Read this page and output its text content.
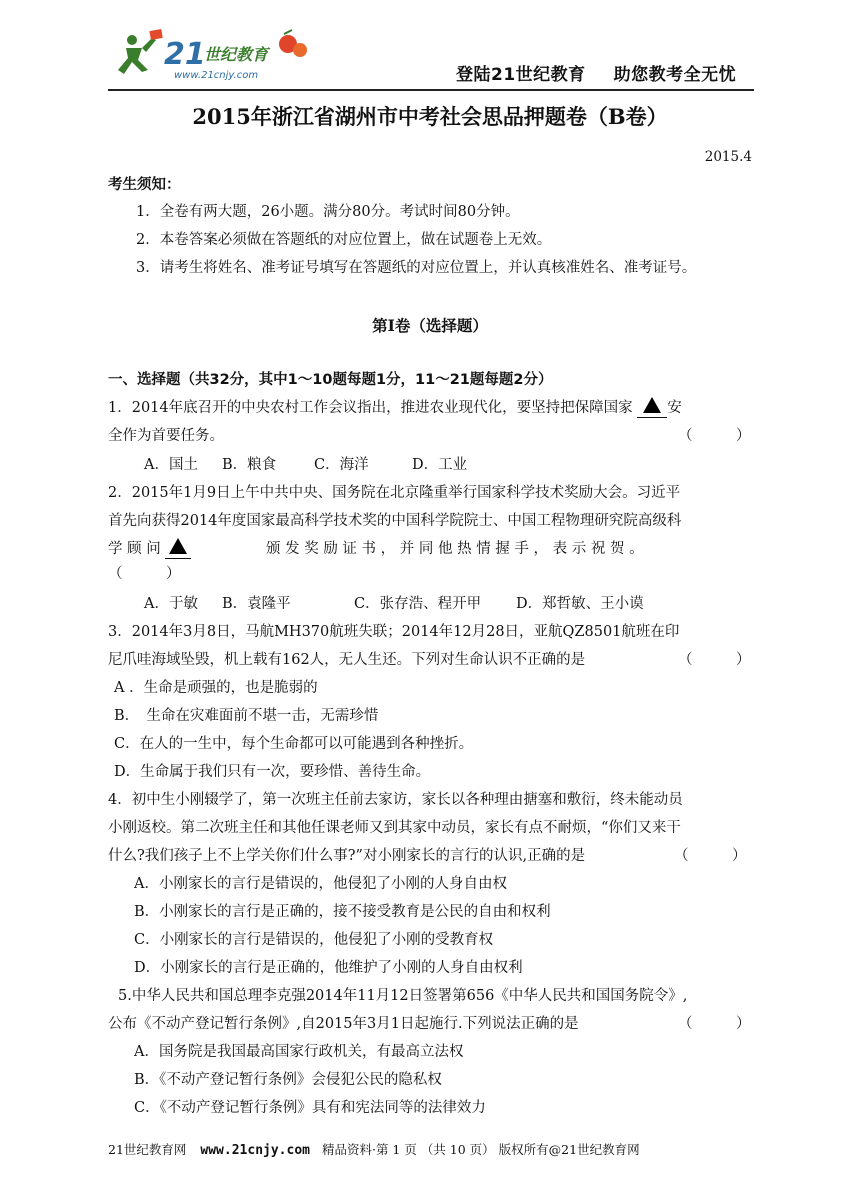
21
世纪教育
www.21cnjy.com	登陆21世纪教育 助您教考全无忧
2015年浙江省湖州市中考社会思品押题卷（B卷）
2015.4
考生须知：
1．全卷有两大题，26小题。满分80分。考试时间80分钟。
2．本卷答案必须做在答题纸的对应位置上，做在试题卷上无效。
3．请考生将姓名、准考证号填写在答题纸的对应位置上，并认真核准姓名、准考证号。
第Ⅰ卷（选择题）
一、选择题（共32分，其中1～10题每题1分，11～21题每题2分）
1．2014年底召开的中央农村工作会议指出，推进农业现代化，要坚持把保障国家 安
全作为首要任务。	（　　　）
A．国土 B．粮食	C．海洋	D．工业
2．2015年1月9日上午中共中央、国务院在北京隆重举行国家科学技术奖励大会。习近平
首先向获得2014年度国家最高科学技术奖的中国科学院院士、中国工程物理研究院高级科
学 顾 问	颁 发 奖 励 证 书 ， 并 同 他 热 情 握 手 ， 表 示 祝 贺 。
（　　　）
A．于敏 B．袁隆平	C．张存浩、程开甲 D．郑哲敏、王小谟
3．2014年3月8日，马航MH370航班失联；2014年12月28日，亚航QZ8501航班在印
尼爪哇海域坠毁，机上载有162人，无人生还。下列对生命认识不正确的是	（　　　）
A ．生命是顽强的，也是脆弱的
B．　生命在灾难面前不堪一击，无需珍惜
C．在人的一生中，每个生命都可以可能遇到各种挫折。
D．生命属于我们只有一次，要珍惜、善待生命。
4．初中生小刚辍学了，第一次班主任前去家访，家长以各种理由搪塞和敷衍，终未能动员
小刚返校。第二次班主任和其他任课老师又到其家中动员，家长有点不耐烦，“你们又来干
什么?我们孩子上不上学关你们什么事?”对小刚家长的言行的认识,正确的是	（　　　）
A．小刚家长的言行是错误的，他侵犯了小刚的人身自由权
B．小刚家长的言行是正确的，接不接受教育是公民的自由和权利
C．小刚家长的言行是错误的，他侵犯了小刚的受教育权
D．小刚家长的言行是正确的，他维护了小刚的人身自由权利
5.中华人民共和国总理李克强2014年11月12日签署第656《中华人民共和国国务院令》,
公布《不动产登记暂行条例》,自2015年3月1日起施行.下列说法正确的是	（　　　）
A．国务院是我国最高国家行政机关，有最高立法权
B．《不动产登记暂行条例》会侵犯公民的隐私权
C．《不动产登记暂行条例》具有和宪法同等的法律效力
21世纪教育网 www.21cnjy.com 精品资料·第 1 页 （共 10 页） 版权所有@21世纪教育网
